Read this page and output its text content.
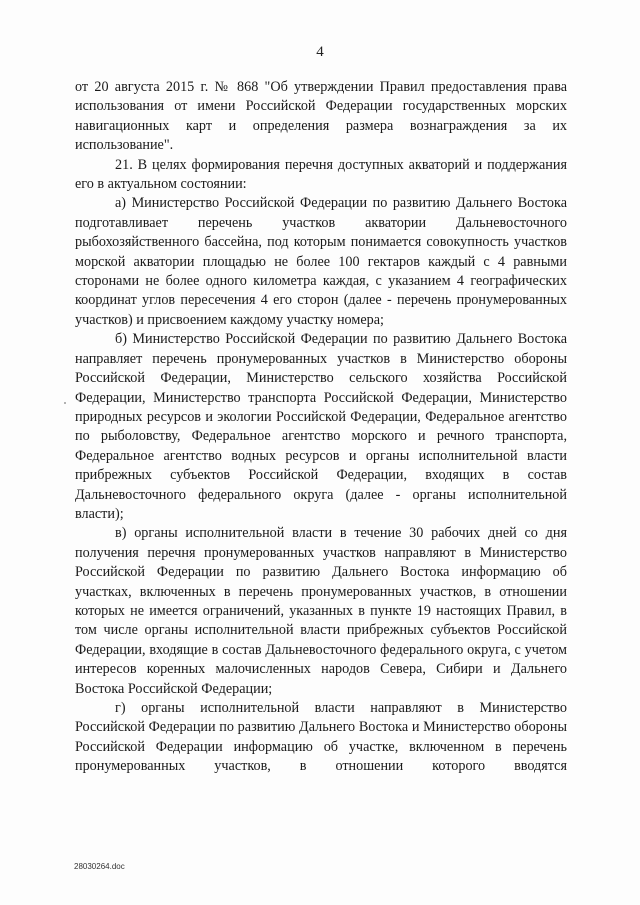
4

от 20 августа 2015 г. № 868 "Об утверждении Правил предоставления права использования от имени Российской Федерации государственных морских навигационных карт и определения размера вознаграждения за их использование".

21. В целях формирования перечня доступных акваторий и поддержания его в актуальном состоянии:

а) Министерство Российской Федерации по развитию Дальнего Востока подготавливает перечень участков акватории Дальневосточного рыбохозяйственного бассейна, под которым понимается совокупность участков морской акватории площадью не более 100 гектаров каждый с 4 равными сторонами не более одного километра каждая, с указанием 4 географических координат углов пересечения 4 его сторон (далее - перечень пронумерованных участков) и присвоением каждому участку номера;

б) Министерство Российской Федерации по развитию Дальнего Востока направляет перечень пронумерованных участков в Министерство обороны Российской Федерации, Министерство сельского хозяйства Российской Федерации, Министерство транспорта Российской Федерации, Министерство природных ресурсов и экологии Российской Федерации, Федеральное агентство по рыболовству, Федеральное агентство морского и речного транспорта, Федеральное агентство водных ресурсов и органы исполнительной власти прибрежных субъектов Российской Федерации, входящих в состав Дальневосточного федерального округа (далее - органы исполнительной власти);

в) органы исполнительной власти в течение 30 рабочих дней со дня получения перечня пронумерованных участков направляют в Министерство Российской Федерации по развитию Дальнего Востока информацию об участках, включенных в перечень пронумерованных участков, в отношении которых не имеется ограничений, указанных в пункте 19 настоящих Правил, в том числе органы исполнительной власти прибрежных субъектов Российской Федерации, входящие в состав Дальневосточного федерального округа, с учетом интересов коренных малочисленных народов Севера, Сибири и Дальнего Востока Российской Федерации;

г) органы исполнительной власти направляют в Министерство Российской Федерации по развитию Дальнего Востока и Министерство обороны Российской Федерации информацию об участке, включенном в перечень пронумерованных участков, в отношении которого вводятся

28030264.doc
